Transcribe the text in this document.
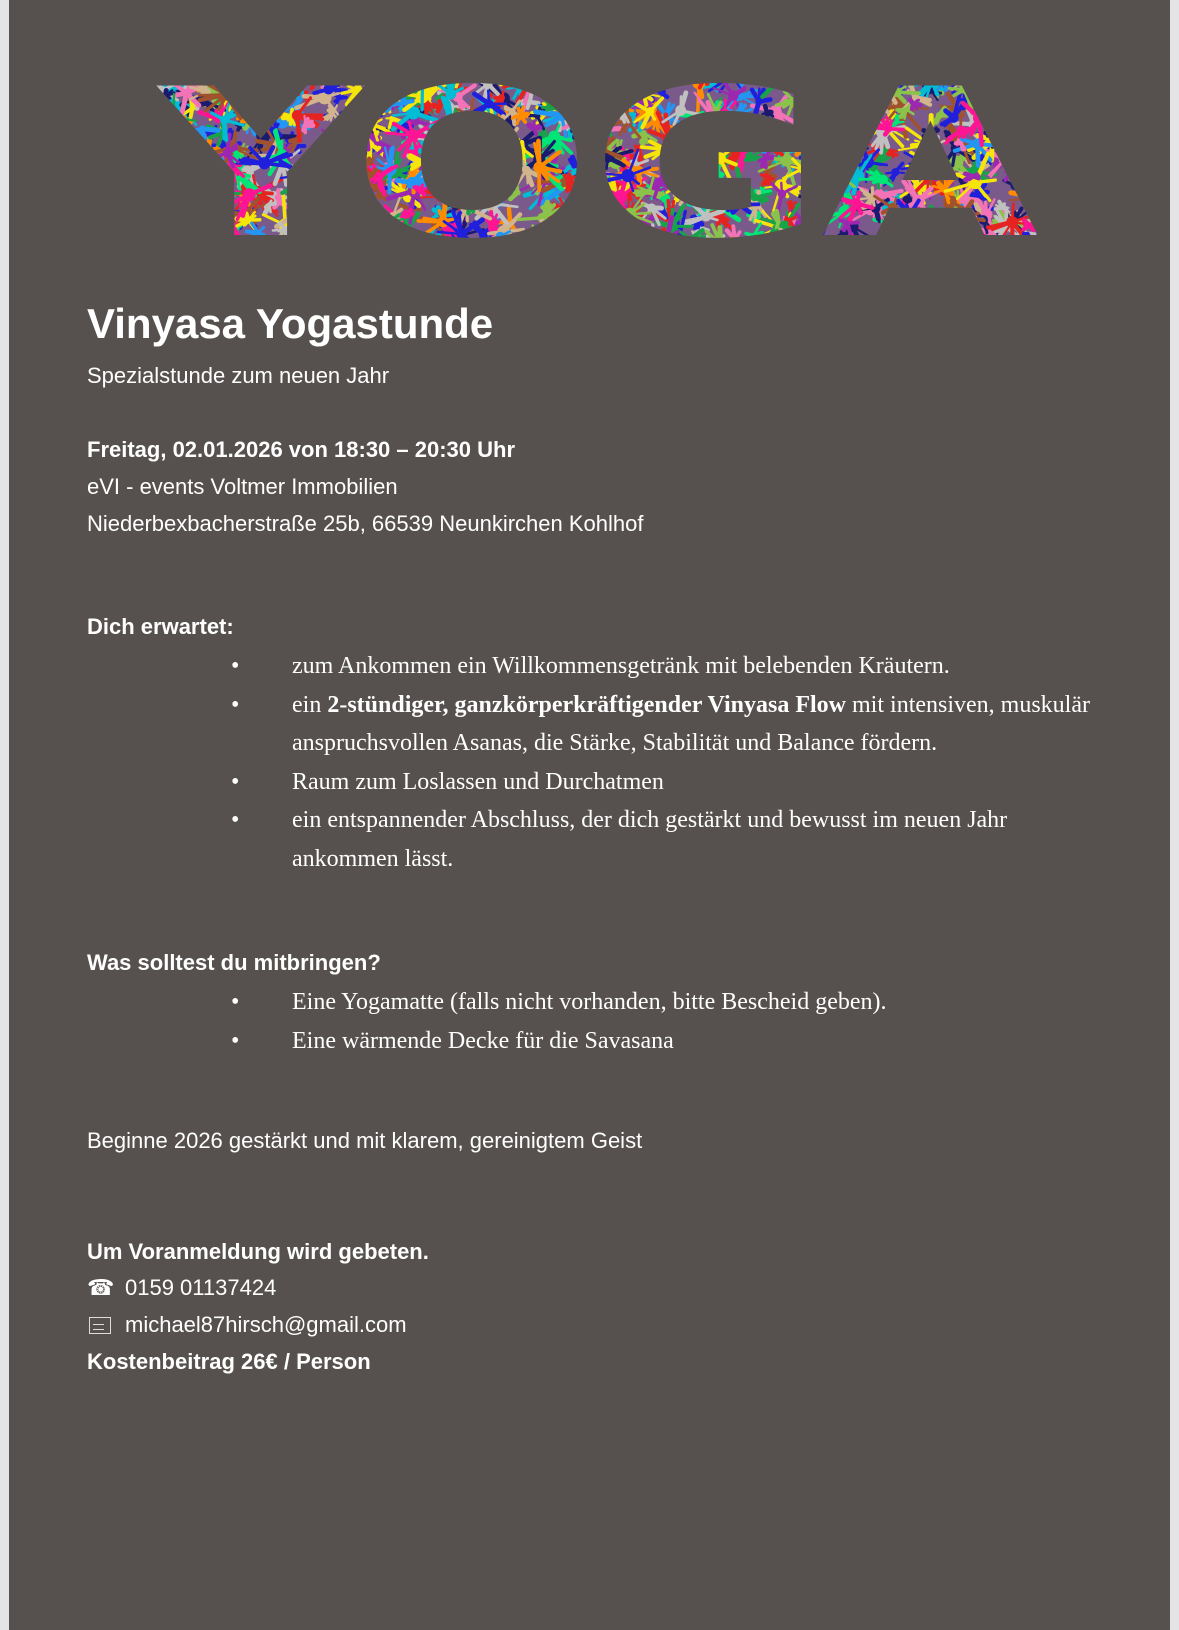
YOGA
Vinyasa Yogastunde
Spezialstunde zum neuen Jahr
Freitag, 02.01.2026 von 18:30 – 20:30 Uhr
eVI - events Voltmer Immobilien
Niederbexbacherstraße 25b, 66539 Neunkirchen Kohlhof
Dich erwartet:
• zum Ankommen ein Willkommensgetränk mit belebenden Kräutern.
• ein 2-stündiger, ganzkörperkräftigender Vinyasa Flow mit intensiven, muskulär anspruchsvollen Asanas, die Stärke, Stabilität und Balance fördern.
• Raum zum Loslassen und Durchatmen
• ein entspannender Abschluss, der dich gestärkt und bewusst im neuen Jahr ankommen lässt.
Was solltest du mitbringen?
• Eine Yogamatte (falls nicht vorhanden, bitte Bescheid geben).
• Eine wärmende Decke für die Savasana
Beginne 2026 gestärkt und mit klarem, gereinigtem Geist
Um Voranmeldung wird gebeten.
☎ 0159 01137424
michael87hirsch@gmail.com
Kostenbeitrag 26€ / Person
